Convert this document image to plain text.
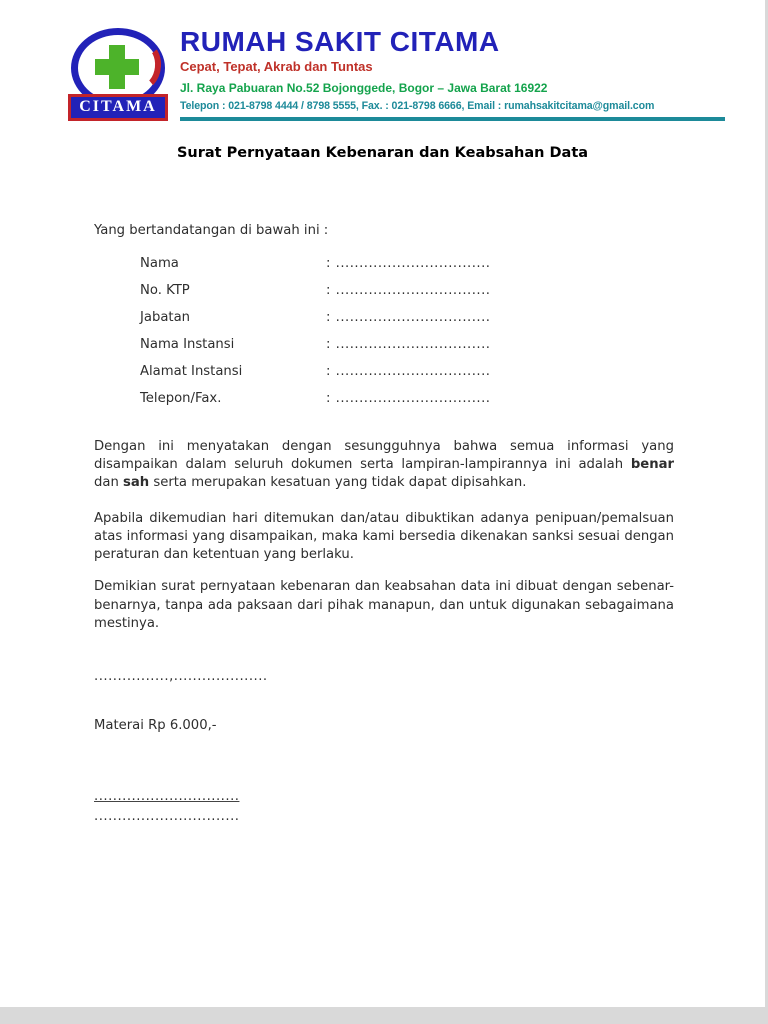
CITAMA
RUMAH SAKIT CITAMA
Cepat, Tepat, Akrab dan Tuntas
Jl. Raya Pabuaran No.52 Bojonggede, Bogor – Jawa Barat 16922
Telepon : 021-8798 4444 / 8798 5555, Fax. : 021-8798 6666, Email : rumahsakitcitama@gmail.com
Surat Pernyataan Kebenaran dan Keabsahan Data

Yang bertandatangan di bawah ini :

Nama	: .................................
No. KTP	: .................................
Jabatan	: .................................
Nama Instansi	: .................................
Alamat Instansi	: .................................
Telepon/Fax.	: .................................

Dengan ini menyatakan dengan sesungguhnya bahwa semua informasi yang disampaikan dalam seluruh dokumen serta lampiran-lampirannya ini adalah benar dan sah serta merupakan kesatuan yang tidak dapat dipisahkan.

Apabila dikemudian hari ditemukan dan/atau dibuktikan adanya penipuan/pemalsuan atas informasi yang disampaikan, maka kami bersedia dikenakan sanksi sesuai dengan peraturan dan ketentuan yang berlaku.

Demikian surat pernyataan kebenaran dan keabsahan data ini dibuat dengan sebenar-benarnya, tanpa ada paksaan dari pihak manapun, dan untuk digunakan sebagaimana mestinya.

................,....................

Materai Rp 6.000,-

...............................
...............................
